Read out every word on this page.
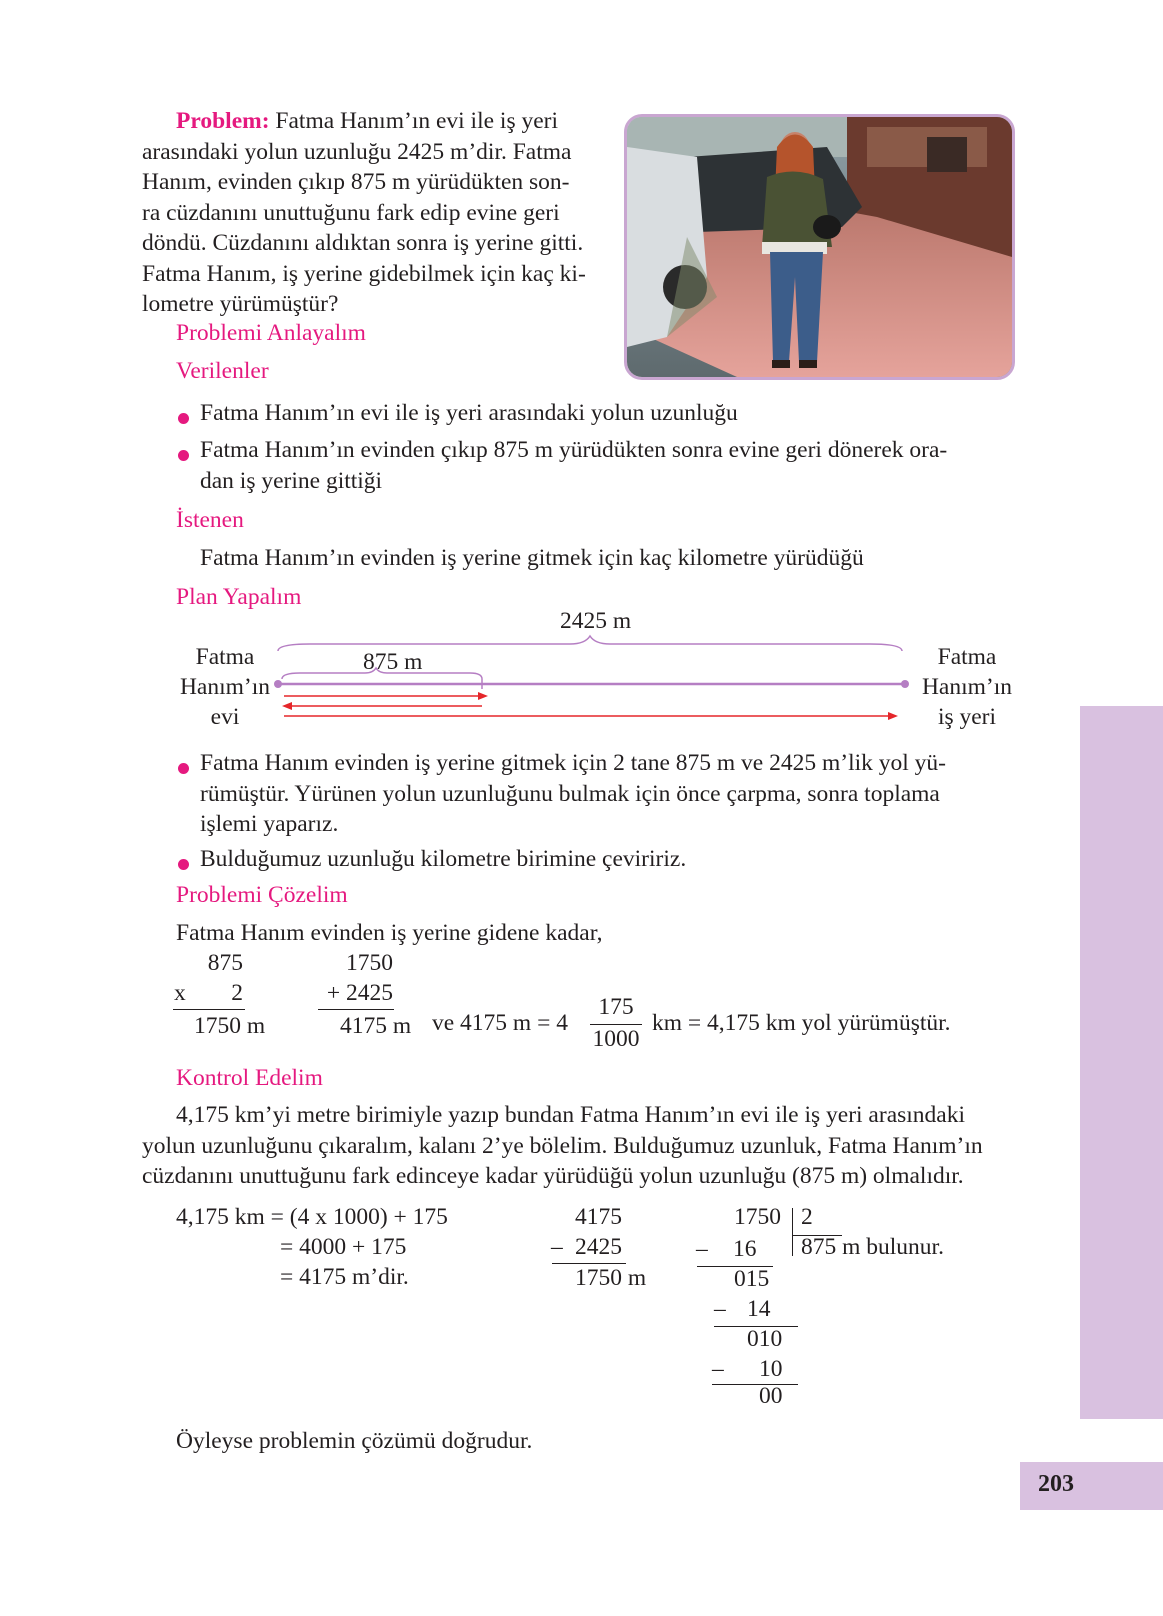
Problem: Fatma Hanım’ın evi ile iş yeri
arasındaki yolun uzunluğu 2425 m’dir. Fatma
Hanım, evinden çıkıp 875 m yürüdükten son-
ra cüzdanını unuttuğunu fark edip evine geri
döndü. Cüzdanını aldıktan sonra iş yerine gitti.
Fatma Hanım, iş yerine gidebilmek için kaç ki-
lometre yürümüştür?

Problemi Anlayalım
Verilenler
Fatma Hanım’ın evi ile iş yeri arasındaki yolun uzunluğu
Fatma Hanım’ın evinden çıkıp 875 m yürüdükten sonra evine geri dönerek ora-
dan iş yerine gittiği
İstenen
Fatma Hanım’ın evinden iş yerine gitmek için kaç kilometre yürüdüğü
Plan Yapalım
2425 m
875 m
Fatma
Hanım’ın
evi
Fatma
Hanım’ın
iş yeri

Fatma Hanım evinden iş yerine gitmek için 2 tane 875 m ve 2425 m’lik yol yü-
rümüştür. Yürünen yolun uzunluğunu bulmak için önce çarpma, sonra toplama
işlemi yaparız.

Bulduğumuz uzunluğu kilometre birimine çeviririz.
Problemi Çözelim
Fatma Hanım evinden iş yerine gidene kadar,
875
x	2
1750 m
1750
+ 2425
4175 m ve 4175 m = 4
175
1000
km = 4,175 km yol yürümüştür.
Kontrol Edelim

4,175 km’yi metre birimiyle yazıp bundan Fatma Hanım’ın evi ile iş yeri arasındaki
yolun uzunluğunu çıkaralım, kalanı 2’ye bölelim. Bulduğumuz uzunluk, Fatma Hanım’ın
cüzdanını unuttuğunu fark edinceye kadar yürüdüğü yolun uzunluğu (875 m) olmalıdır.

4,175 km = (4 x 1000) + 175
= 4000 + 175
= 4175 m’dir.
4175
– 2425
1750 m
1750 2
875 m bulunur.
– 16
015
– 14
010
– 10
00
Öyleyse problemin çözümü doğrudur.
203
